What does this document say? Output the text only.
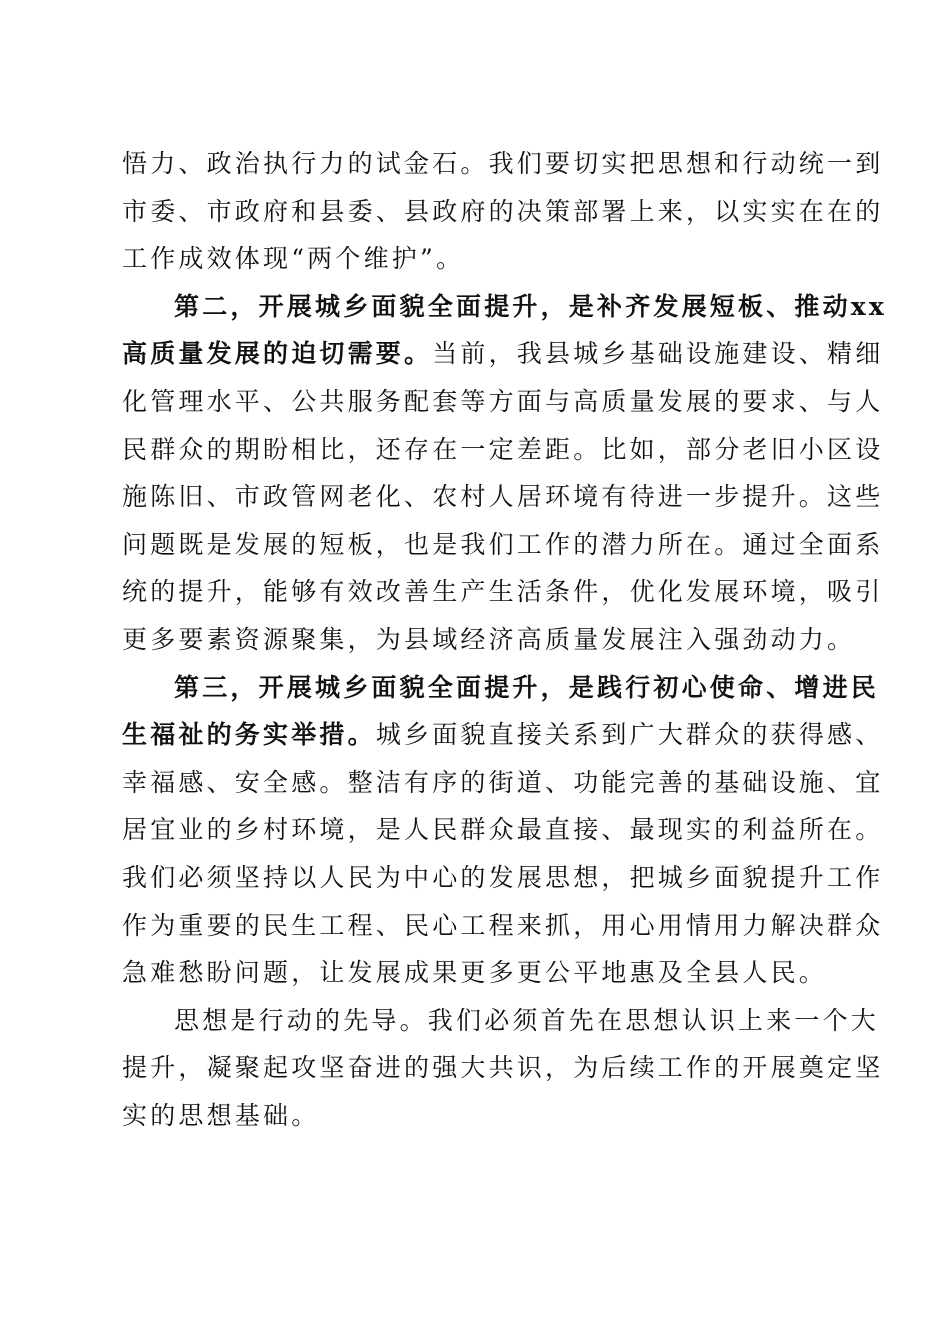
悟力、政治执行力的试金石。我们要切实把思想和行动统一到
市委、市政府和县委、县政府的决策部署上来，以实实在在的
工作成效体现“两个维护”。

第二，开展城乡面貌全面提升，是补齐发展短板、推动xx
高质量发展的迫切需要。当前，我县城乡基础设施建设、精细
化管理水平、公共服务配套等方面与高质量发展的要求、与人
民群众的期盼相比，还存在一定差距。比如，部分老旧小区设
施陈旧、市政管网老化、农村人居环境有待进一步提升。这些
问题既是发展的短板，也是我们工作的潜力所在。通过全面系
统的提升，能够有效改善生产生活条件，优化发展环境，吸引
更多要素资源聚集，为县域经济高质量发展注入强劲动力。

第三，开展城乡面貌全面提升，是践行初心使命、增进民
生福祉的务实举措。城乡面貌直接关系到广大群众的获得感、
幸福感、安全感。整洁有序的街道、功能完善的基础设施、宜
居宜业的乡村环境，是人民群众最直接、最现实的利益所在。
我们必须坚持以人民为中心的发展思想，把城乡面貌提升工作
作为重要的民生工程、民心工程来抓，用心用情用力解决群众
急难愁盼问题，让发展成果更多更公平地惠及全县人民。

思想是行动的先导。我们必须首先在思想认识上来一个大
提升，凝聚起攻坚奋进的强大共识，为后续工作的开展奠定坚
实的思想基础。
